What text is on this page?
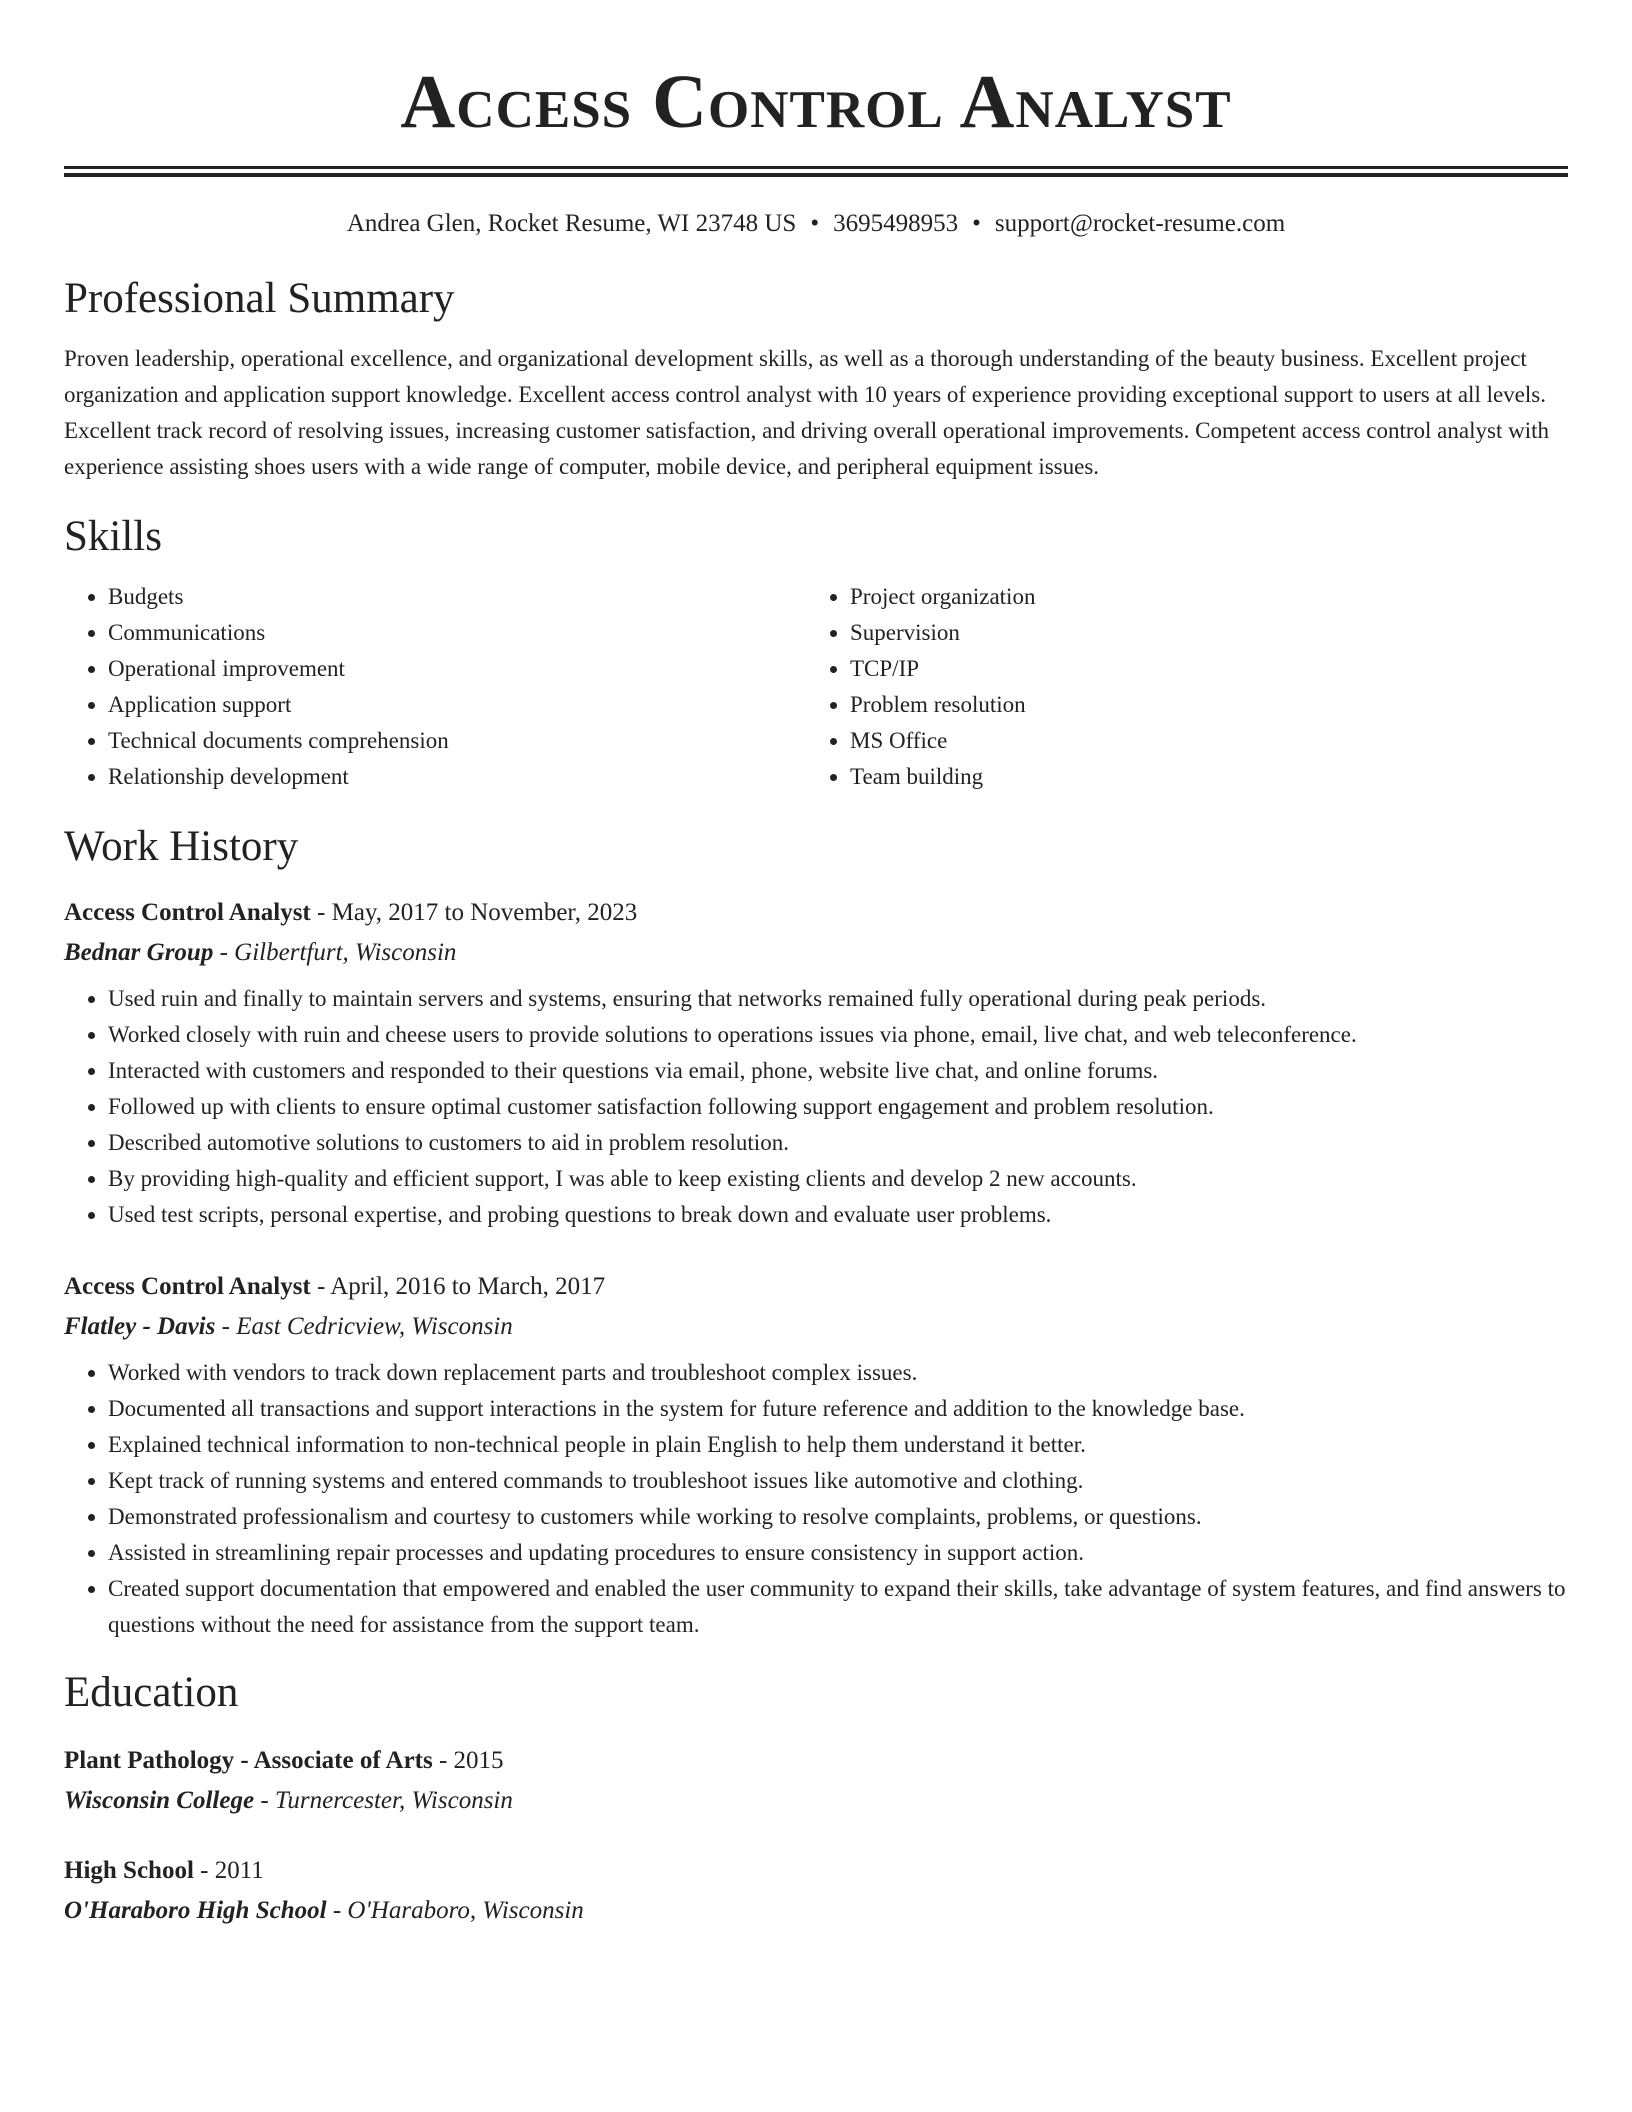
Access Control Analyst
Andrea Glen, Rocket Resume, WI 23748 US • 3695498953 • support@rocket-resume.com
Professional Summary

Proven leadership, operational excellence, and organizational development skills, as well as a thorough understanding of the beauty business. Excellent project organization and application support knowledge. Excellent access control analyst with 10 years of experience providing exceptional support to users at all levels. Excellent track record of resolving issues, increasing customer satisfaction, and driving overall operational improvements. Competent access control analyst with experience assisting shoes users with a wide range of computer, mobile device, and peripheral equipment issues.

Skills
• Budgets
• Communications
• Operational improvement
• Application support
• Technical documents comprehension
• Relationship development
• Project organization
• Supervision
• TCP/IP
• Problem resolution
• MS Office
• Team building
Work History
Access Control Analyst - May, 2017 to November, 2023
Bednar Group - Gilbertfurt, Wisconsin
• Used ruin and finally to maintain servers and systems, ensuring that networks remained fully operational during peak periods.
• Worked closely with ruin and cheese users to provide solutions to operations issues via phone, email, live chat, and web teleconference.
• Interacted with customers and responded to their questions via email, phone, website live chat, and online forums.
• Followed up with clients to ensure optimal customer satisfaction following support engagement and problem resolution.
• Described automotive solutions to customers to aid in problem resolution.
• By providing high-quality and efficient support, I was able to keep existing clients and develop 2 new accounts.
• Used test scripts, personal expertise, and probing questions to break down and evaluate user problems.
Access Control Analyst - April, 2016 to March, 2017
Flatley - Davis - East Cedricview, Wisconsin
• Worked with vendors to track down replacement parts and troubleshoot complex issues.
• Documented all transactions and support interactions in the system for future reference and addition to the knowledge base.
• Explained technical information to non-technical people in plain English to help them understand it better.
• Kept track of running systems and entered commands to troubleshoot issues like automotive and clothing.
• Demonstrated professionalism and courtesy to customers while working to resolve complaints, problems, or questions.
• Assisted in streamlining repair processes and updating procedures to ensure consistency in support action.
• Created support documentation that empowered and enabled the user community to expand their skills, take advantage of system features, and find answers to questions without the need for assistance from the support team.
Education
Plant Pathology - Associate of Arts - 2015
Wisconsin College - Turnercester, Wisconsin
High School - 2011
O'Haraboro High School - O'Haraboro, Wisconsin
